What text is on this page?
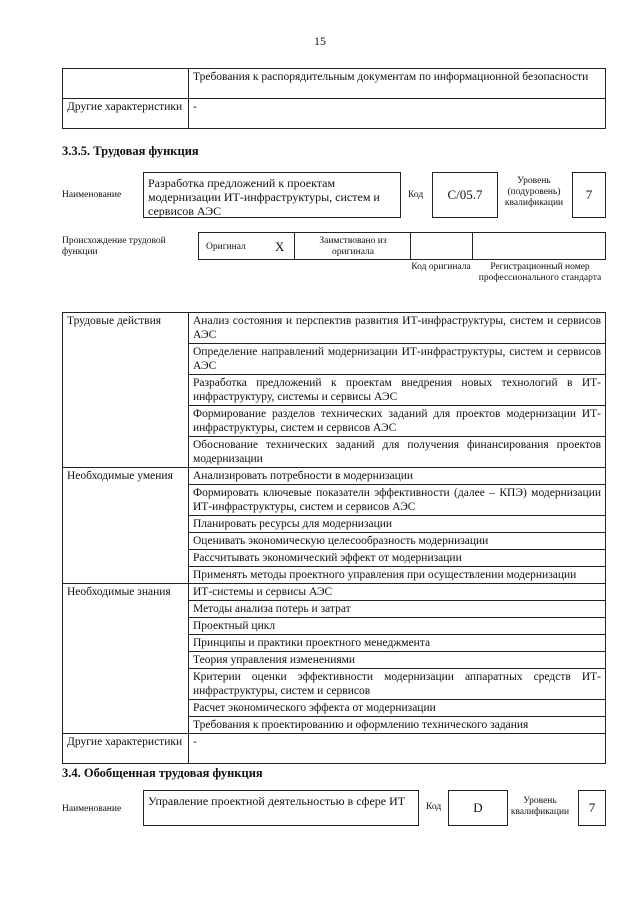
15
	Требования к распорядительным документам по информационной безопасности
Другие характеристики	-
3.3.5. Трудовая функция
Наименование
Разработка предложений к проектам модернизации ИТ-инфраструктуры, систем и сервисов АЭС
Код	C/05.7
Уровень (подуровень) квалификации
7
Происхождение трудовой функции	Оригинал X	Заимствовано из оригинала
Код оригинала	Регистрационный номер профессионального стандарта
Трудовые действия	Анализ состояния и перспектив развития ИТ-инфраструктуры, систем и сервисов АЭС
	Определение направлений модернизации ИТ-инфраструктуры, систем и сервисов АЭС
	Разработка предложений к проектам внедрения новых технологий в ИТ-инфраструктуру, системы и сервисы АЭС
	Формирование разделов технических заданий для проектов модернизации ИТ-инфраструктуры, систем и сервисов АЭС
	Обоснование технических заданий для получения финансирования проектов модернизации
Необходимые умения	Анализировать потребности в модернизации
	Формировать ключевые показатели эффективности (далее – КПЭ) модернизации ИТ-инфраструктуры, систем и сервисов АЭС
	Планировать ресурсы для модернизации
	Оценивать экономическую целесообразность модернизации
	Рассчитывать экономический эффект от модернизации
	Применять методы проектного управления при осуществлении модернизации
Необходимые знания	ИТ-системы и сервисы АЭС
	Методы анализа потерь и затрат
	Проектный цикл
	Принципы и практики проектного менеджмента
	Теория управления изменениями
	Критерии оценки эффективности модернизации аппаратных средств ИТ-инфраструктуры, систем и сервисов
	Расчет экономического эффекта от модернизации
	Требования к проектированию и оформлению технического задания
Другие характеристики	-
3.4. Обобщенная трудовая функция
Наименование
Управление проектной деятельностью в сфере ИТ	Код	D	Уровень квалификации	7
